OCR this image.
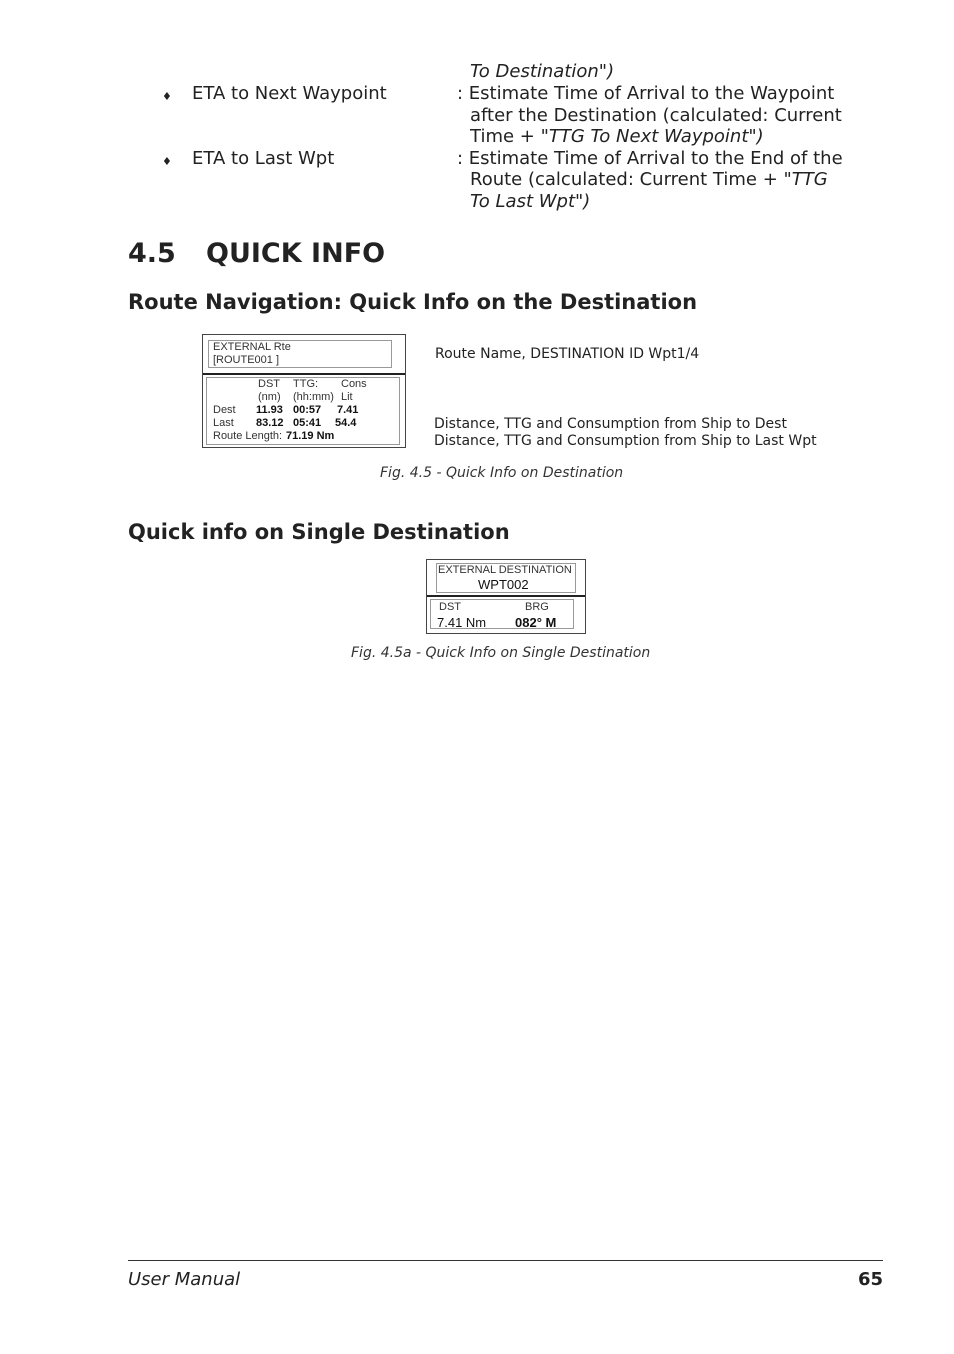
To Destination")
♦ ETA to Next Waypoint	: Estimate Time of Arrival to the Waypoint
after the Destination (calculated: Current
Time + "TTG To Next Waypoint")
♦ ETA to Last Wpt	: Estimate Time of Arrival to the End of the
Route (calculated: Current Time + "TTG
To Last Wpt")
4.5 QUICK INFO
Route Navigation: Quick Info on the Destination
EXTERNAL Rte
[ROUTE001 ]
DST TTG: Cons
(nm) (hh:mm) Lit
Dest 11.93 00:57 7.41
Last 83.12 05:41 54.4
Route Length: 71.19 Nm
Route Name, DESTINATION ID Wpt1/4
Distance, TTG and Consumption from Ship to Dest
Distance, TTG and Consumption from Ship to Last Wpt
Fig. 4.5 - Quick Info on Destination
Quick info on Single Destination
EXTERNAL DESTINATION
WPT002
DST	BRG
7.41 Nm 082° M
Fig. 4.5a - Quick Info on Single Destination
User Manual	65
